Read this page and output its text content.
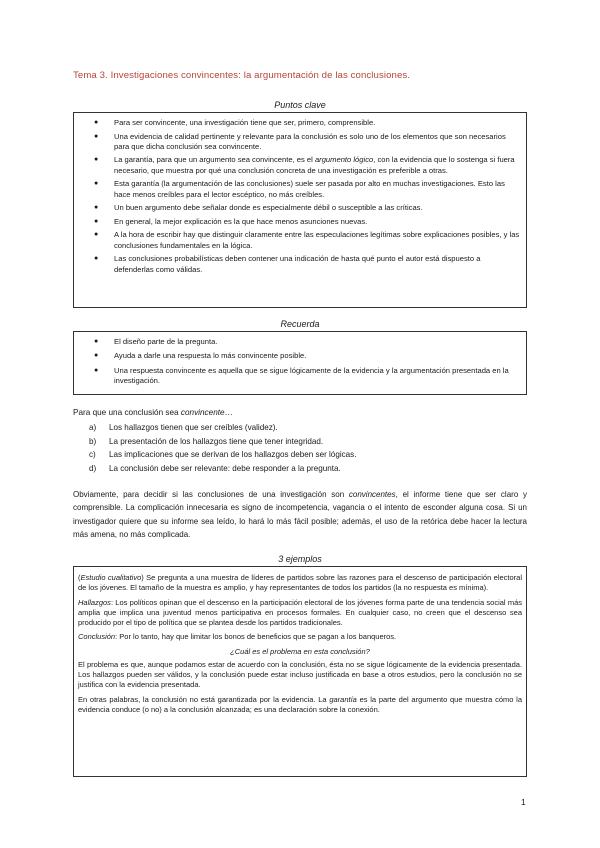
Tema 3. Investigaciones convincentes: la argumentación de las conclusiones.
Puntos clave
● Para ser convincente, una investigación tiene que ser, primero, comprensible.
● Una evidencia de calidad pertinente y relevante para la conclusión es solo uno de los elementos que son necesarios para que dicha conclusión sea convincente.
● La garantía, para que un argumento sea convincente, es el argumento lógico, con la evidencia que lo sostenga si fuera necesario, que muestra por qué una conclusión concreta de una investigación es preferible a otras.
● Esta garantía (la argumentación de las conclusiones) suele ser pasada por alto en muchas investigaciones. Esto las hace menos creíbles para el lector escéptico, no más creíbles.
● Un buen argumento debe señalar donde es especialmente débil o susceptible a las críticas.
● En general, la mejor explicación es la que hace menos asunciones nuevas.
● A la hora de escribir hay que distinguir claramente entre las especulaciones legítimas sobre explicaciones posibles, y las conclusiones fundamentales en la lógica.
● Las conclusiones probabilísticas deben contener una indicación de hasta qué punto el autor está dispuesto a defenderlas como válidas.
Recuerda
● El diseño parte de la pregunta.
● Ayuda a darle una respuesta lo más convincente posible.
● Una respuesta convincente es aquella que se sigue lógicamente de la evidencia y la argumentación presentada en la investigación.
Para que una conclusión sea convincente…
a) Los hallazgos tienen que ser creíbles (validez).
b) La presentación de los hallazgos tiene que tener integridad.
c) Las implicaciones que se derivan de los hallazgos deben ser lógicas.
d) La conclusión debe ser relevante: debe responder a la pregunta.
Obviamente, para decidir si las conclusiones de una investigación son convincentes, el informe tiene que ser claro y comprensible. La complicación innecesaria es signo de incompetencia, vagancia o el intento de esconder alguna cosa. Si un investigador quiere que su informe sea leído, lo hará lo más fácil posible; además, el uso de la retórica debe hacer la lectura más amena, no más complicada.
3 ejemplos

(Estudio cualitativo) Se pregunta a una muestra de líderes de partidos sobre las razones para el descenso de participación electoral de los jóvenes. El tamaño de la muestra es amplio, y hay representantes de todos los partidos (la no respuesta es mínima).

Hallazgos: Los políticos opinan que el descenso en la participación electoral de los jóvenes forma parte de una tendencia social más amplia que implica una juventud menos participativa en procesos formales. En cualquier caso, no creen que el descenso sea producido por el tipo de política que se plantea desde los partidos tradicionales.

Conclusión: Por lo tanto, hay que limitar los bonos de beneficios que se pagan a los banqueros.

¿Cuál es el problema en esta conclusión?

El problema es que, aunque podamos estar de acuerdo con la conclusión, ésta no se sigue lógicamente de la evidencia presentada. Los hallazgos pueden ser válidos, y la conclusión puede estar incluso justificada en base a otros estudios, pero la conclusión no se justifica con la evidencia presentada.

En otras palabras, la conclusión no está garantizada por la evidencia. La garantía es la parte del argumento que muestra cómo la evidencia conduce (o no) a la conclusión alcanzada; es una declaración sobre la conexión.

1
